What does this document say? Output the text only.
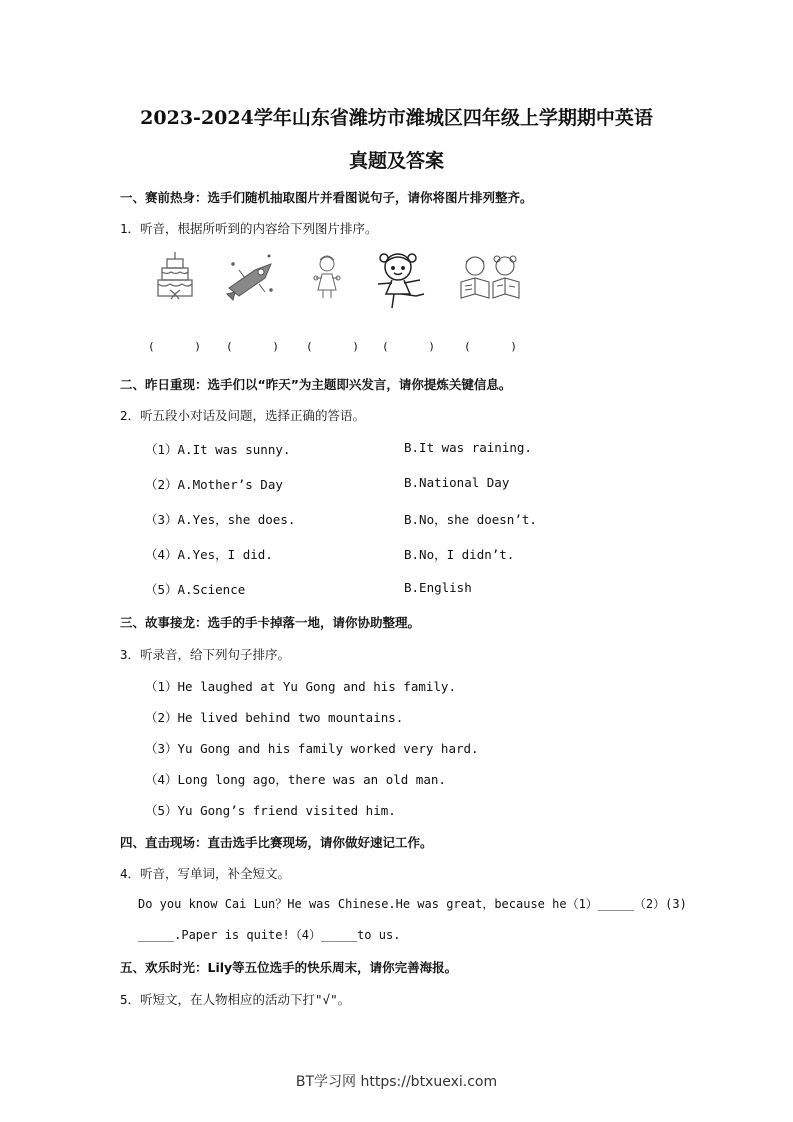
2023-2024学年山东省潍坊市潍城区四年级上学期期中英语
真题及答案
一、赛前热身：选手们随机抽取图片并看图说句子，请你将图片排列整齐。
1．听音，根据所听到的内容给下列图片排序。
(      ) (      ) (      ) (      )	(      )
二、昨日重现：选手们以“昨天”为主题即兴发言，请你提炼关键信息。
2．听五段小对话及问题，选择正确的答语。
（1）A.It was sunny.	B.It was raining.
（2）A.Mother’s Day	B.National Day
（3）A.Yes，she does.	B.No，she doesn’t.
（4）A.Yes，I did.	B.No，I didn’t.
（5）A.Science	B.English
三、故事接龙：选手的手卡掉落一地，请你协助整理。
3．听录音，给下列句子排序。
（1）He laughed at Yu Gong and his family.
（2）He lived behind two mountains.
（3）Yu Gong and his family worked very hard.
（4）Long long ago，there was an old man.
（5）Yu Gong’s friend visited him.
四、直击现场：直击选手比赛现场，请你做好速记工作。
4．听音，写单词，补全短文。
Do you know Cai Lun？He was Chinese.He was great，because he（1）_____（2）(3)
_____.Paper is quite!（4）_____to us.
五、欢乐时光：Lily等五位选手的快乐周末，请你完善海报。
5．听短文，在人物相应的活动下打"√"。
BT学习网 https://btxuexi.com
